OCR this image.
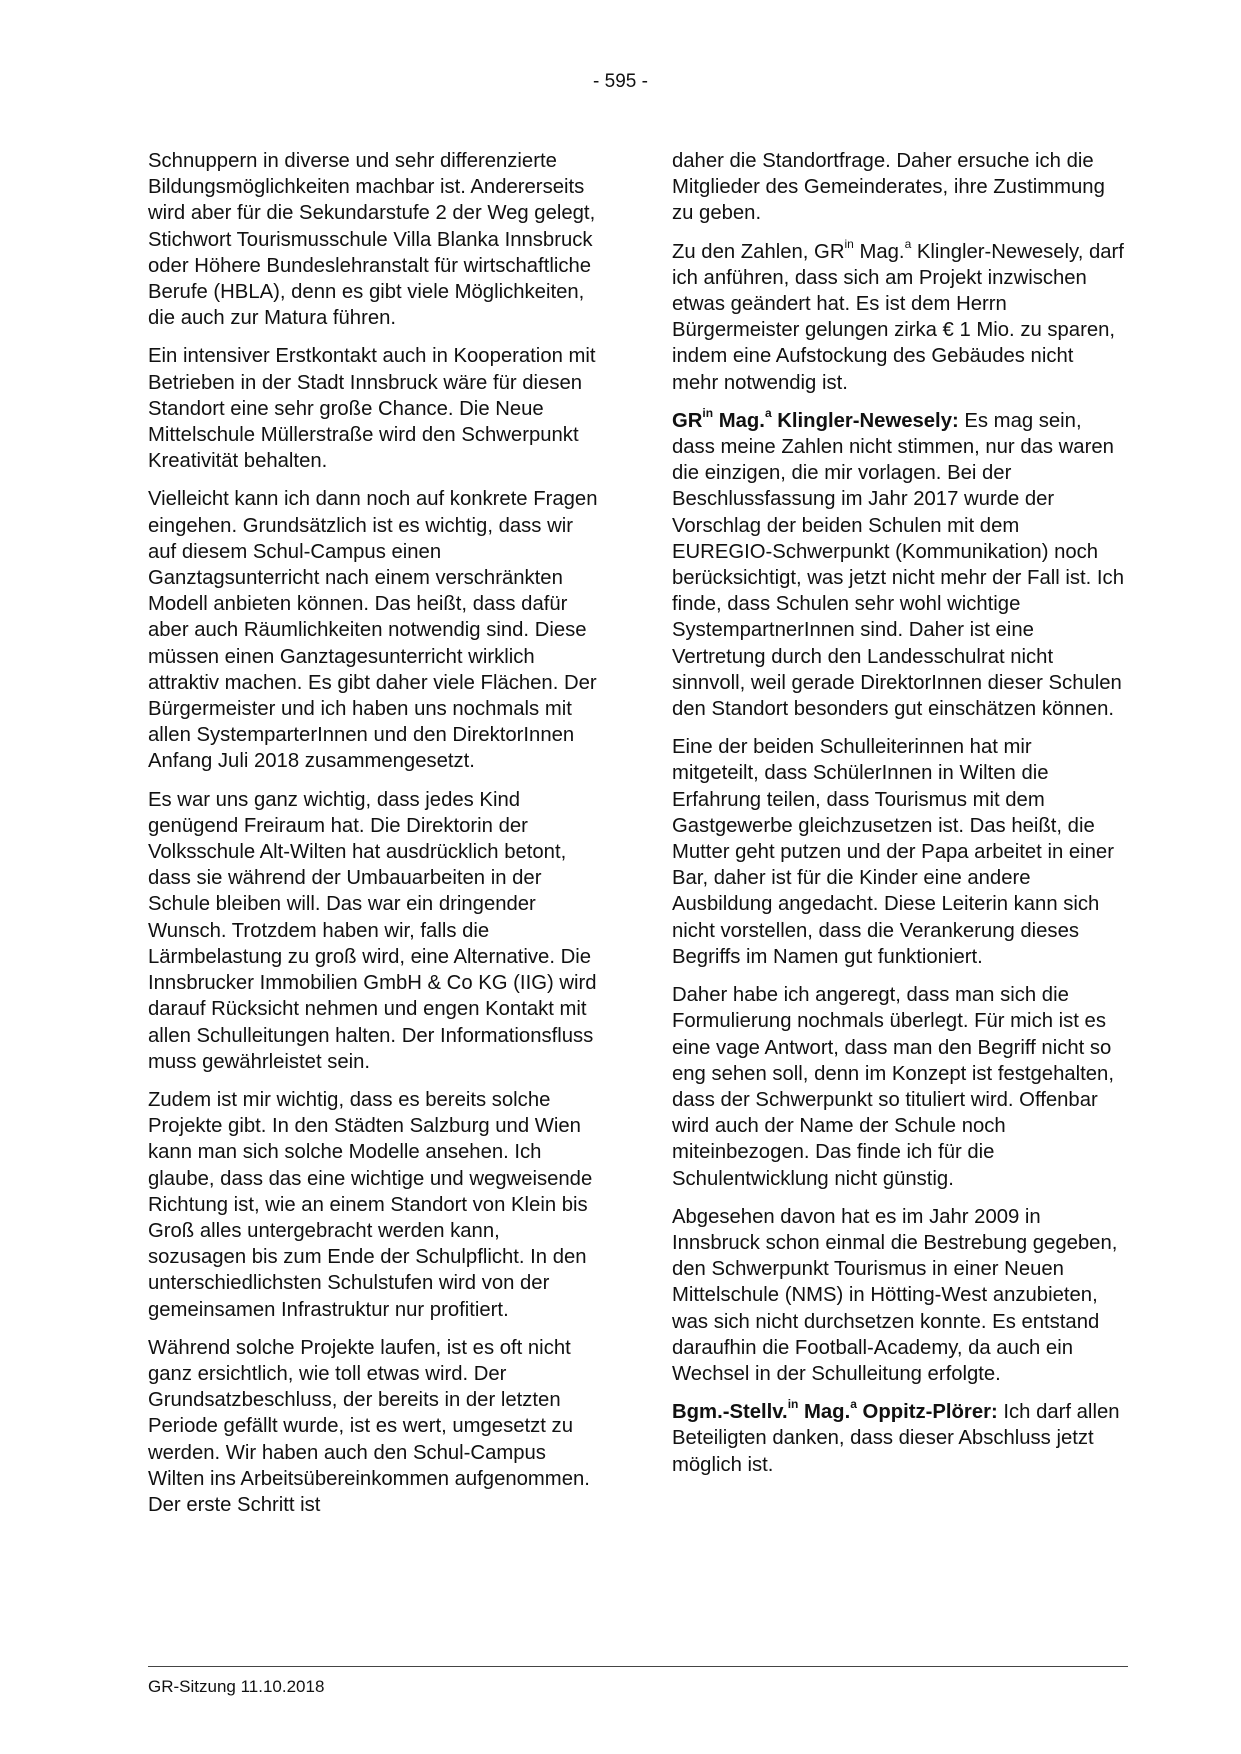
- 595 -

Schnuppern in diverse und sehr differenzierte Bildungsmöglichkeiten machbar ist. Andererseits wird aber für die Sekundarstufe 2 der Weg gelegt, Stichwort Tourismusschule Villa Blanka Innsbruck oder Höhere Bundeslehranstalt für wirtschaftliche Berufe (HBLA), denn es gibt viele Möglichkeiten, die auch zur Matura führen.

Ein intensiver Erstkontakt auch in Kooperation mit Betrieben in der Stadt Innsbruck wäre für diesen Standort eine sehr große Chance. Die Neue Mittelschule Müllerstraße wird den Schwerpunkt Kreativität behalten.

Vielleicht kann ich dann noch auf konkrete Fragen eingehen. Grundsätzlich ist es wichtig, dass wir auf diesem Schul-Campus einen Ganztagsunterricht nach einem verschränkten Modell anbieten können. Das heißt, dass dafür aber auch Räumlichkeiten notwendig sind. Diese müssen einen Ganztagesunterricht wirklich attraktiv machen. Es gibt daher viele Flächen. Der Bürgermeister und ich haben uns nochmals mit allen SystemparterInnen und den DirektorInnen Anfang Juli 2018 zusammengesetzt.

Es war uns ganz wichtig, dass jedes Kind genügend Freiraum hat. Die Direktorin der Volksschule Alt-Wilten hat ausdrücklich betont, dass sie während der Umbauarbeiten in der Schule bleiben will. Das war ein dringender Wunsch. Trotzdem haben wir, falls die Lärmbelastung zu groß wird, eine Alternative. Die Innsbrucker Immobilien GmbH & Co KG (IIG) wird darauf Rücksicht nehmen und engen Kontakt mit allen Schulleitungen halten. Der Informationsfluss muss gewährleistet sein.

Zudem ist mir wichtig, dass es bereits solche Projekte gibt. In den Städten Salzburg und Wien kann man sich solche Modelle ansehen. Ich glaube, dass das eine wichtige und wegweisende Richtung ist, wie an einem Standort von Klein bis Groß alles untergebracht werden kann, sozusagen bis zum Ende der Schulpflicht. In den unterschiedlichsten Schulstufen wird von der gemeinsamen Infrastruktur nur profitiert.

Während solche Projekte laufen, ist es oft nicht ganz ersichtlich, wie toll etwas wird. Der Grundsatzbeschluss, der bereits in der letzten Periode gefällt wurde, ist es wert, umgesetzt zu werden. Wir haben auch den Schul-Campus Wilten ins Arbeitsübereinkommen aufgenommen. Der erste Schritt ist

daher die Standortfrage. Daher ersuche ich die Mitglieder des Gemeinderates, ihre Zustimmung zu geben.

Zu den Zahlen, $GR^{in}$ Mag.$^a$ Klingler-Newesely, darf ich anführen, dass sich am Projekt inzwischen etwas geändert hat. Es ist dem Herrn Bürgermeister gelungen zirka € 1 Mio. zu sparen, indem eine Aufstockung des Gebäudes nicht mehr notwendig ist.

$GR^{in}$ Mag.$^a$ Klingler-Newesely: Es mag sein, dass meine Zahlen nicht stimmen, nur das waren die einzigen, die mir vorlagen. Bei der Beschlussfassung im Jahr 2017 wurde der Vorschlag der beiden Schulen mit dem EUREGIO-Schwerpunkt (Kommunikation) noch berücksichtigt, was jetzt nicht mehr der Fall ist. Ich finde, dass Schulen sehr wohl wichtige SystempartnerInnen sind. Daher ist eine Vertretung durch den Landesschulrat nicht sinnvoll, weil gerade DirektorInnen dieser Schulen den Standort besonders gut einschätzen können.

Eine der beiden Schulleiterinnen hat mir mitgeteilt, dass SchülerInnen in Wilten die Erfahrung teilen, dass Tourismus mit dem Gastgewerbe gleichzusetzen ist. Das heißt, die Mutter geht putzen und der Papa arbeitet in einer Bar, daher ist für die Kinder eine andere Ausbildung angedacht. Diese Leiterin kann sich nicht vorstellen, dass die Verankerung dieses Begriffs im Namen gut funktioniert.

Daher habe ich angeregt, dass man sich die Formulierung nochmals überlegt. Für mich ist es eine vage Antwort, dass man den Begriff nicht so eng sehen soll, denn im Konzept ist festgehalten, dass der Schwerpunkt so tituliert wird. Offenbar wird auch der Name der Schule noch miteinbezogen. Das finde ich für die Schulentwicklung nicht günstig.

Abgesehen davon hat es im Jahr 2009 in Innsbruck schon einmal die Bestrebung gegeben, den Schwerpunkt Tourismus in einer Neuen Mittelschule (NMS) in Hötting-West anzubieten, was sich nicht durchsetzen konnte. Es entstand daraufhin die Football-Academy, da auch ein Wechsel in der Schulleitung erfolgte.

Bgm.-Stellv.$^{in}$ Mag.$^a$ Oppitz-Plörer: Ich darf allen Beteiligten danken, dass dieser Abschluss jetzt möglich ist.

GR-Sitzung 11.10.2018
